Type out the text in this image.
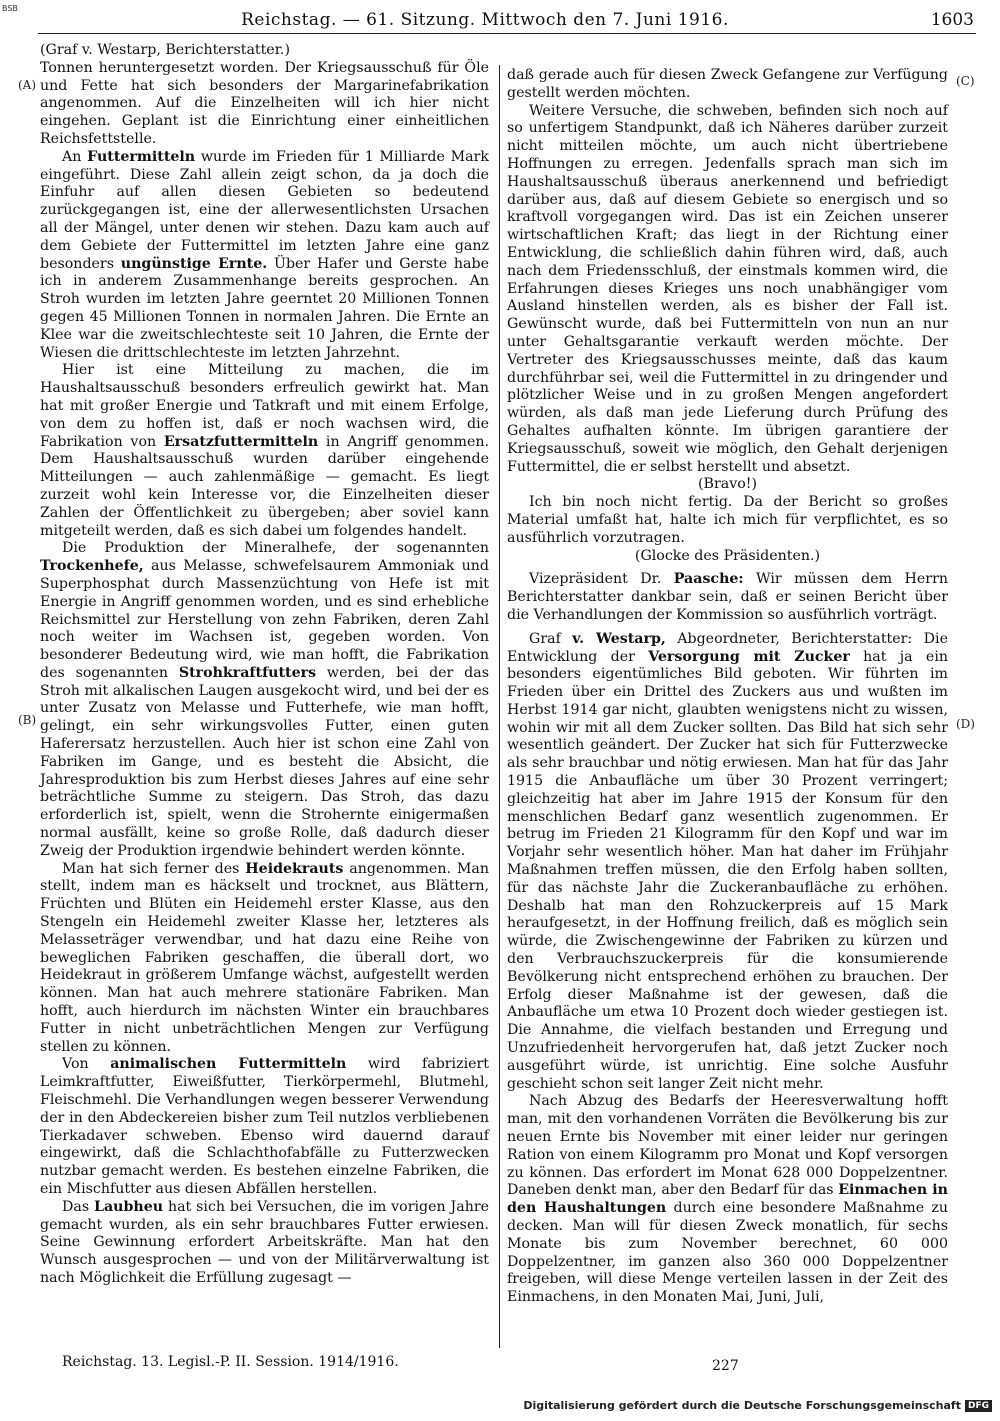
BSB
Reichstag. — 61. Sitzung. Mittwoch den 7. Juni 1916.	1603
(A)
(B)
(C)
(D)

(Graf v. Westarp, Berichterstatter.)

Tonnen heruntergesetzt worden. Der Kriegsausschuß für Öle und Fette hat sich besonders der Margarinefabrikation angenommen. Auf die Einzelheiten will ich hier nicht eingehen. Geplant ist die Einrichtung einer einheitlichen Reichsfettstelle.

An Futtermitteln wurde im Frieden für 1 Milliarde Mark eingeführt. Diese Zahl allein zeigt schon, da ja doch die Einfuhr auf allen diesen Gebieten so bedeutend zurückgegangen ist, eine der allerwesentlichsten Ursachen all der Mängel, unter denen wir stehen. Dazu kam auch auf dem Gebiete der Futtermittel im letzten Jahre eine ganz besonders ungünstige Ernte. Über Hafer und Gerste habe ich in anderem Zusammenhange bereits gesprochen. An Stroh wurden im letzten Jahre geerntet 20 Millionen Tonnen gegen 45 Millionen Tonnen in normalen Jahren. Die Ernte an Klee war die zweitschlechteste seit 10 Jahren, die Ernte der Wiesen die drittschlechteste im letzten Jahrzehnt.

Hier ist eine Mitteilung zu machen, die im Haushaltsausschuß besonders erfreulich gewirkt hat. Man hat mit großer Energie und Tatkraft und mit einem Erfolge, von dem zu hoffen ist, daß er noch wachsen wird, die Fabrikation von Ersatzfuttermitteln in Angriff genommen. Dem Haushaltsausschuß wurden darüber eingehende Mitteilungen — auch zahlenmäßige — gemacht. Es liegt zurzeit wohl kein Interesse vor, die Einzelheiten dieser Zahlen der Öffentlichkeit zu übergeben; aber soviel kann mitgeteilt werden, daß es sich dabei um folgendes handelt.

Die Produktion der Mineralhefe, der sogenannten Trockenhefe, aus Melasse, schwefelsaurem Ammoniak und Superphosphat durch Massenzüchtung von Hefe ist mit Energie in Angriff genommen worden, und es sind erhebliche Reichsmittel zur Herstellung von zehn Fabriken, deren Zahl noch weiter im Wachsen ist, gegeben worden. Von besonderer Bedeutung wird, wie man hofft, die Fabrikation des sogenannten Strohkraftfutters werden, bei der das Stroh mit alkalischen Laugen ausgekocht wird, und bei der es unter Zusatz von Melasse und Futterhefe, wie man hofft, gelingt, ein sehr wirkungsvolles Futter, einen guten Haferersatz herzustellen. Auch hier ist schon eine Zahl von Fabriken im Gange, und es besteht die Absicht, die Jahresproduktion bis zum Herbst dieses Jahres auf eine sehr beträchtliche Summe zu steigern. Das Stroh, das dazu erforderlich ist, spielt, wenn die Strohernte einigermaßen normal ausfällt, keine so große Rolle, daß dadurch dieser Zweig der Produktion irgendwie behindert werden könnte.

Man hat sich ferner des Heidekrauts angenommen. Man stellt, indem man es häckselt und trocknet, aus Blättern, Früchten und Blüten ein Heidemehl erster Klasse, aus den Stengeln ein Heidemehl zweiter Klasse her, letzteres als Melasseträger verwendbar, und hat dazu eine Reihe von beweglichen Fabriken geschaffen, die überall dort, wo Heidekraut in größerem Umfange wächst, aufgestellt werden können. Man hat auch mehrere stationäre Fabriken. Man hofft, auch hierdurch im nächsten Winter ein brauchbares Futter in nicht unbeträchtlichen Mengen zur Verfügung stellen zu können.

Von animalischen Futtermitteln wird fabriziert Leimkraftfutter, Eiweißfutter, Tierkörpermehl, Blutmehl, Fleischmehl. Die Verhandlungen wegen besserer Verwendung der in den Abdeckereien bisher zum Teil nutzlos verbliebenen Tierkadaver schweben. Ebenso wird dauernd darauf eingewirkt, daß die Schlachthofabfälle zu Futterzwecken nutzbar gemacht werden. Es bestehen einzelne Fabriken, die ein Mischfutter aus diesen Abfällen herstellen.

Das Laubheu hat sich bei Versuchen, die im vorigen Jahre gemacht wurden, als ein sehr brauchbares Futter erwiesen. Seine Gewinnung erfordert Arbeitskräfte. Man hat den Wunsch ausgesprochen — und von der Militärverwaltung ist nach Möglichkeit die Erfüllung zugesagt —

daß gerade auch für diesen Zweck Gefangene zur Verfügung gestellt werden möchten.

Weitere Versuche, die schweben, befinden sich noch auf so unfertigem Standpunkt, daß ich Näheres darüber zurzeit nicht mitteilen möchte, um auch nicht übertriebene Hoffnungen zu erregen. Jedenfalls sprach man sich im Haushaltsausschuß überaus anerkennend und befriedigt darüber aus, daß auf diesem Gebiete so energisch und so kraftvoll vorgegangen wird. Das ist ein Zeichen unserer wirtschaftlichen Kraft; das liegt in der Richtung einer Entwicklung, die schließlich dahin führen wird, daß, auch nach dem Friedensschluß, der einstmals kommen wird, die Erfahrungen dieses Krieges uns noch unabhängiger vom Ausland hinstellen werden, als es bisher der Fall ist. Gewünscht wurde, daß bei Futtermitteln von nun an nur unter Gehaltsgarantie verkauft werden möchte. Der Vertreter des Kriegsausschusses meinte, daß das kaum durchführbar sei, weil die Futtermittel in zu dringender und plötzlicher Weise und in zu großen Mengen angefordert würden, als daß man jede Lieferung durch Prüfung des Gehaltes aufhalten könnte. Im übrigen garantiere der Kriegsausschuß, soweit wie möglich, den Gehalt derjenigen Futtermittel, die er selbst herstellt und absetzt.

(Bravo!)

Ich bin noch nicht fertig. Da der Bericht so großes Material umfaßt hat, halte ich mich für verpflichtet, es so ausführlich vorzutragen.

(Glocke des Präsidenten.)

Vizepräsident Dr. Paasche: Wir müssen dem Herrn Berichterstatter dankbar sein, daß er seinen Bericht über die Verhandlungen der Kommission so ausführlich vorträgt.

Graf v. Westarp, Abgeordneter, Berichterstatter: Die Entwicklung der Versorgung mit Zucker hat ja ein besonders eigentümliches Bild geboten. Wir führten im Frieden über ein Drittel des Zuckers aus und wußten im Herbst 1914 gar nicht, glaubten wenigstens nicht zu wissen, wohin wir mit all dem Zucker sollten. Das Bild hat sich sehr wesentlich geändert. Der Zucker hat sich für Futterzwecke als sehr brauchbar und nötig erwiesen. Man hat für das Jahr 1915 die Anbaufläche um über 30 Prozent verringert; gleichzeitig hat aber im Jahre 1915 der Konsum für den menschlichen Bedarf ganz wesentlich zugenommen. Er betrug im Frieden 21 Kilogramm für den Kopf und war im Vorjahr sehr wesentlich höher. Man hat daher im Frühjahr Maßnahmen treffen müssen, die den Erfolg haben sollten, für das nächste Jahr die Zuckeranbaufläche zu erhöhen. Deshalb hat man den Rohzuckerpreis auf 15 Mark heraufgesetzt, in der Hoffnung freilich, daß es möglich sein würde, die Zwischengewinne der Fabriken zu kürzen und den Verbrauchszuckerpreis für die konsumierende Bevölkerung nicht entsprechend erhöhen zu brauchen. Der Erfolg dieser Maßnahme ist der gewesen, daß die Anbaufläche um etwa 10 Prozent doch wieder gestiegen ist. Die Annahme, die vielfach bestanden und Erregung und Unzufriedenheit hervorgerufen hat, daß jetzt Zucker noch ausgeführt würde, ist unrichtig. Eine solche Ausfuhr geschieht schon seit langer Zeit nicht mehr.

Nach Abzug des Bedarfs der Heeresverwaltung hofft man, mit den vorhandenen Vorräten die Bevölkerung bis zur neuen Ernte bis November mit einer leider nur geringen Ration von einem Kilogramm pro Monat und Kopf versorgen zu können. Das erfordert im Monat 628 000 Doppelzentner. Daneben denkt man, aber den Bedarf für das Einmachen in den Haushaltungen durch eine besondere Maßnahme zu decken. Man will für diesen Zweck monatlich, für sechs Monate bis zum November berechnet, 60 000 Doppelzentner, im ganzen also 360 000 Doppelzentner freigeben, will diese Menge verteilen lassen in der Zeit des Einmachens, in den Monaten Mai, Juni, Juli,

Reichstag. 13. Legisl.-P. II. Session. 1914/1916.	227
Digitalisierung gefördert durch die Deutsche Forschungsgemeinschaft DFG
